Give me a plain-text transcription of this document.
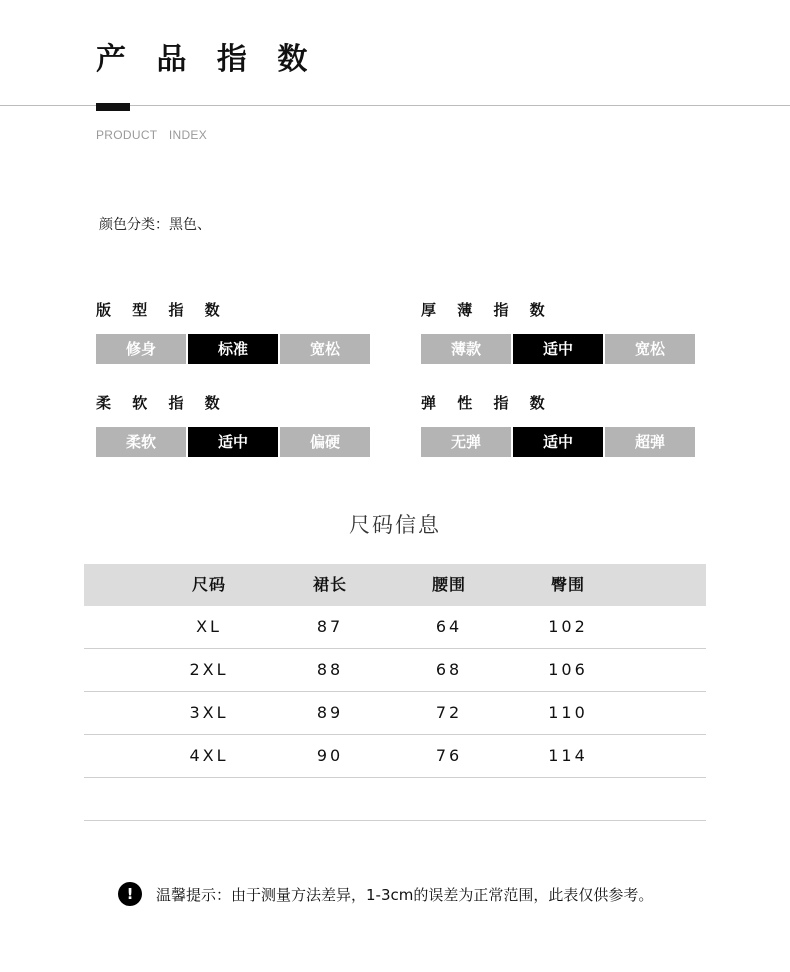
产 品 指 数
PRODUCT INDEX
颜色分类：黑色、
版 型 指 数
修身	标准	宽松
厚 薄 指 数
薄款	适中	宽松
柔 软 指 数
柔软	适中	偏硬
弹 性 指 数
无弹	适中	超弹
尺码信息
尺码	裙长	腰围	臀围
XL	87	64	102
2XL	88	68	106
3XL	89	72	110
4XL	90	76	114
!	温馨提示：由于测量方法差异，1-3cm的误差为正常范围，此表仅供参考。
